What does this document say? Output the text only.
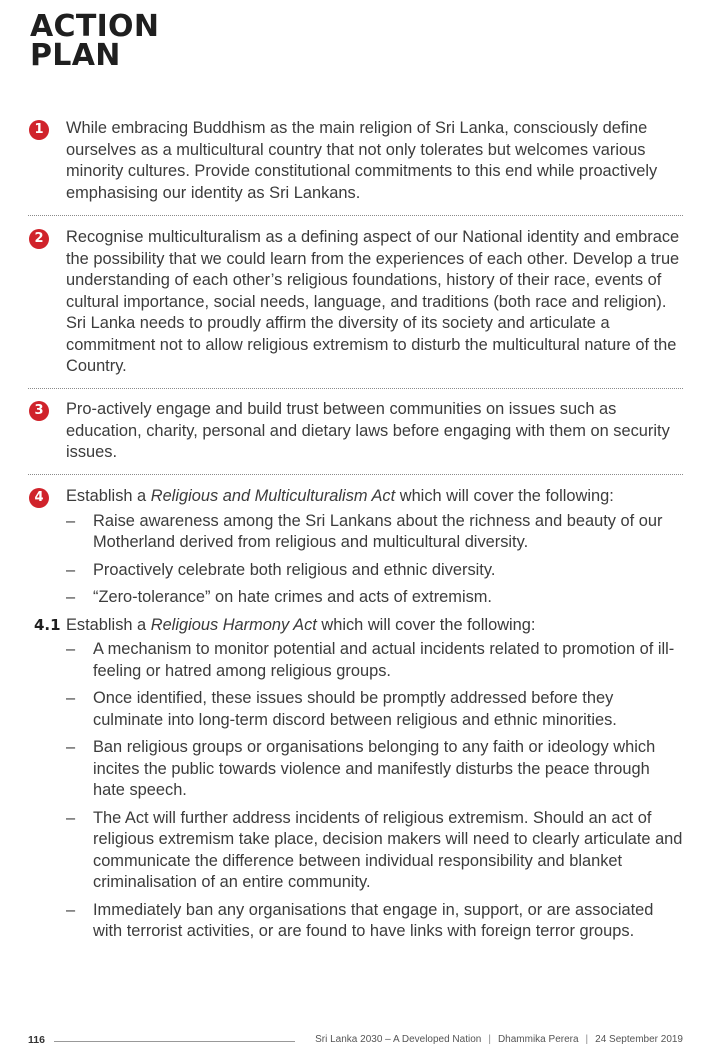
ACTION
PLAN
1	While embracing Buddhism as the main religion of Sri Lanka, consciously define ourselves as a multicultural country that not only tolerates but welcomes various minority cultures. Provide constitutional commitments to this end while proactively emphasising our identity as Sri Lankans.
2	Recognise multiculturalism as a defining aspect of our National identity and embrace the possibility that we could learn from the experiences of each other. Develop a true understanding of each other’s religious foundations, history of their race, events of cultural importance, social needs, language, and traditions (both race and religion). Sri Lanka needs to proudly affirm the diversity of its society and articulate a commitment not to allow religious extremism to disturb the multicultural nature of the Country.
3	Pro-actively engage and build trust between communities on issues such as education, charity, personal and dietary laws before engaging with them on security issues.
4	Establish a Religious and Multiculturalism Act which will cover the following:
– Raise awareness among the Sri Lankans about the richness and beauty of our Motherland derived from religious and multicultural diversity.
– Proactively celebrate both religious and ethnic diversity.
– “Zero-tolerance” on hate crimes and acts of extremism.
4.1 Establish a Religious Harmony Act which will cover the following:
– A mechanism to monitor potential and actual incidents related to promotion of ill-feeling or hatred among religious groups.
– Once identified, these issues should be promptly addressed before they culminate into long-term discord between religious and ethnic minorities.
– Ban religious groups or organisations belonging to any faith or ideology which incites the public towards violence and manifestly disturbs the peace through hate speech.
– The Act will further address incidents of religious extremism. Should an act of religious extremism take place, decision makers will need to clearly articulate and communicate the difference between individual responsibility and blanket criminalisation of an entire community.
– Immediately ban any organisations that engage in, support, or are associated with terrorist activities, or are found to have links with foreign terror groups.
116	Sri Lanka 2030 – A Developed Nation | Dhammika Perera | 24 September 2019
